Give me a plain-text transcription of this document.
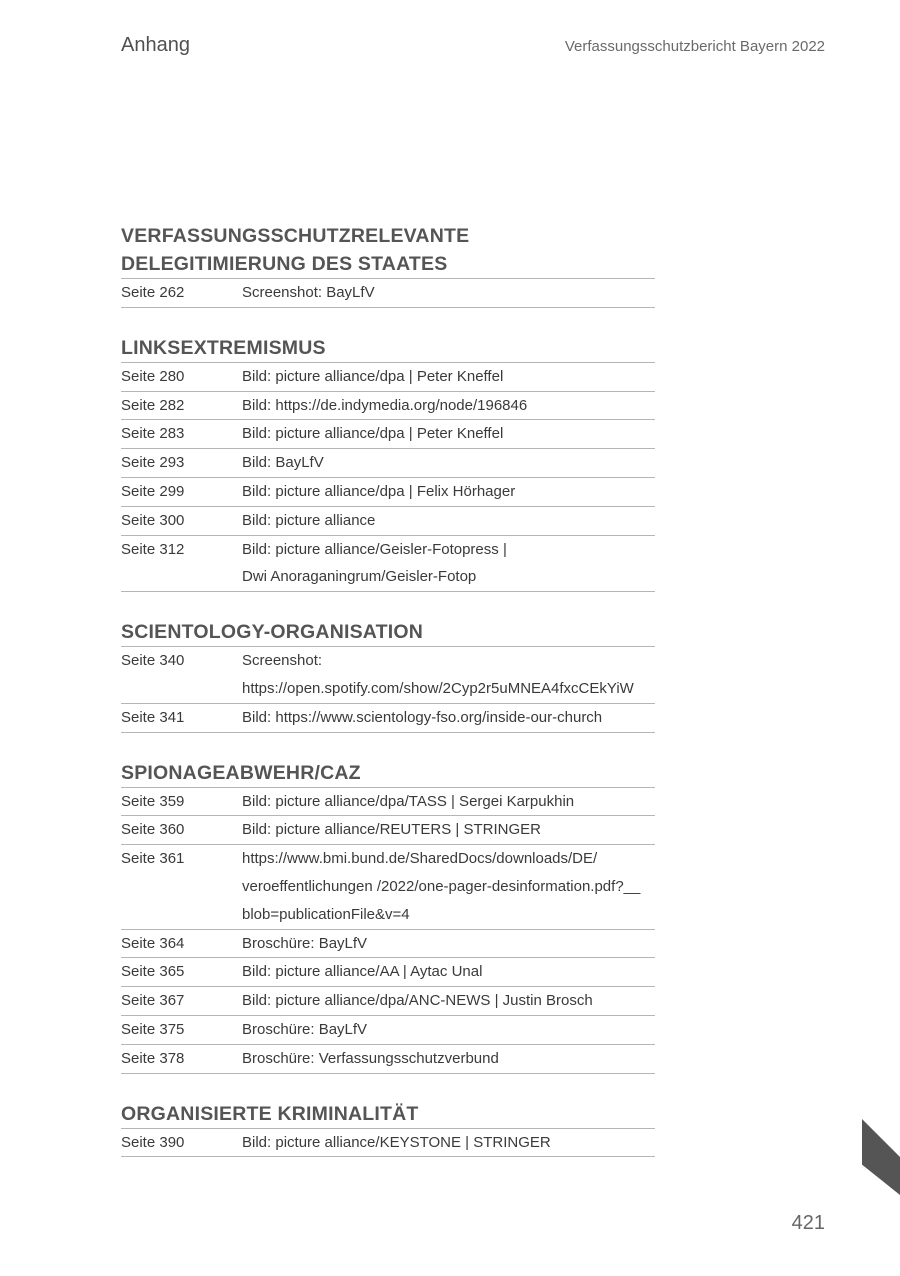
Anhang	Verfassungsschutzbericht Bayern 2022
VERFASSUNGSSCHUTZRELEVANTE
DELEGITIMIERUNG DES STAATES
Seite 262	Screenshot: BayLfV
LINKSEXTREMISMUS
Seite 280	Bild: picture alliance/dpa | Peter Kneffel
Seite 282	Bild: https://de.indymedia.org/node/196846
Seite 283	Bild: picture alliance/dpa | Peter Kneffel
Seite 293	Bild: BayLfV
Seite 299	Bild: picture alliance/dpa | Felix Hörhager
Seite 300	Bild: picture alliance
Seite 312	Bild: picture alliance/Geisler-Fotopress |
Dwi Anoraganingrum/Geisler-Fotop
SCIENTOLOGY-ORGANISATION
Seite 340	Screenshot:
https://open.spotify.com/show/2Cyp2r5uMNEA4fxcCEkYiW
Seite 341	Bild: https://www.scientology-fso.org/inside-our-church
SPIONAGEABWEHR/CAZ
Seite 359	Bild: picture alliance/dpa/TASS | Sergei Karpukhin
Seite 360	Bild: picture alliance/REUTERS | STRINGER
Seite 361	https://www.bmi.bund.de/SharedDocs/downloads/DE/
veroeffentlichungen /2022/one-pager-desinformation.pdf?__
blob=publicationFile&v=4
Seite 364	Broschüre: BayLfV
Seite 365	Bild: picture alliance/AA | Aytac Unal
Seite 367	Bild: picture alliance/dpa/ANC-NEWS | Justin Brosch
Seite 375	Broschüre: BayLfV
Seite 378	Broschüre: Verfassungsschutzverbund
ORGANISIERTE KRIMINALITÄT
Seite 390	Bild: picture alliance/KEYSTONE | STRINGER
421
